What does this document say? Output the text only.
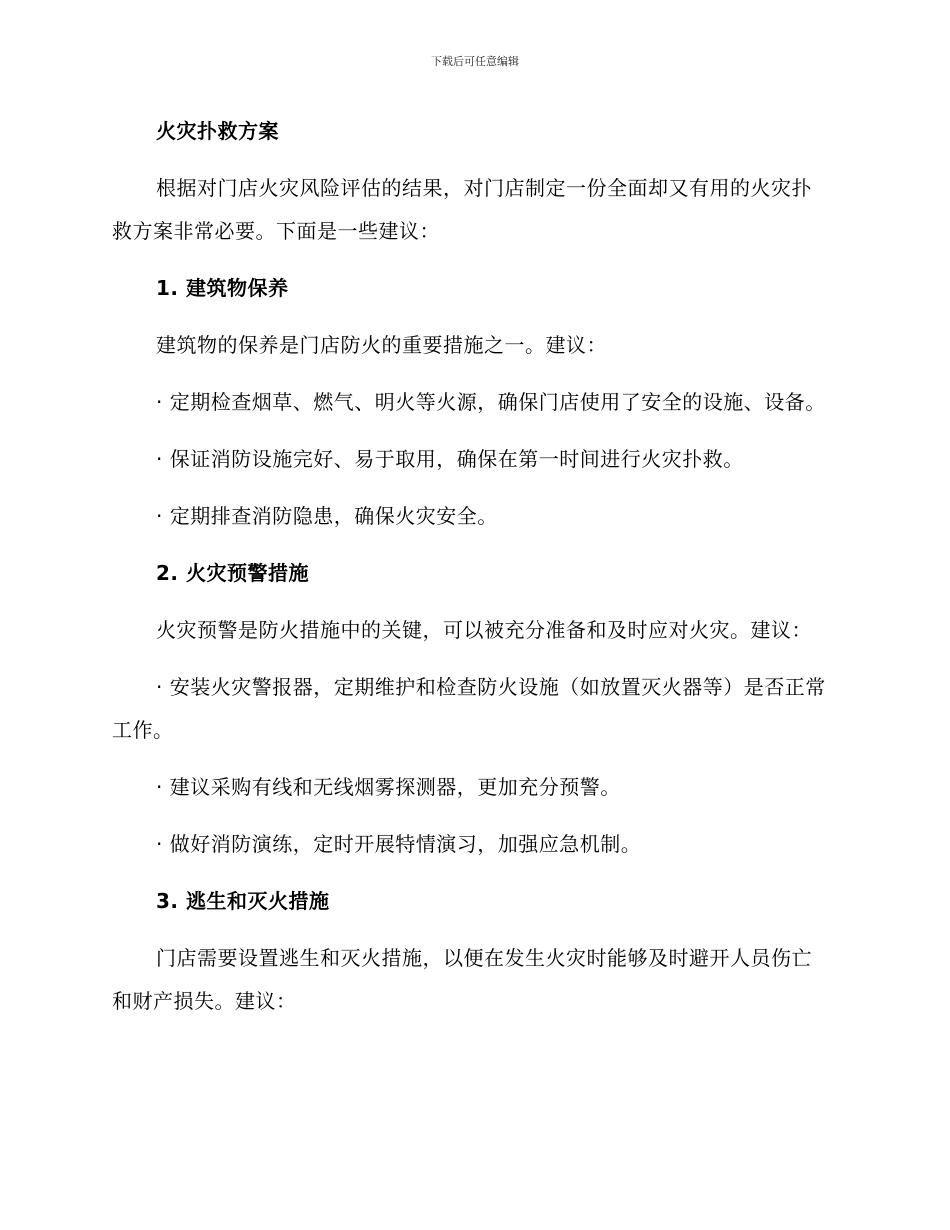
下载后可任意编辑

火灾扑救方案

根据对门店火灾风险评估的结果，对门店制定一份全面却又有用的火灾扑救方案非常必要。下面是一些建议：

1. 建筑物保养

建筑物的保养是门店防火的重要措施之一。建议：

· 定期检查烟草、燃气、明火等火源，确保门店使用了安全的设施、设备。

· 保证消防设施完好、易于取用，确保在第一时间进行火灾扑救。

· 定期排查消防隐患，确保火灾安全。

2. 火灾预警措施

火灾预警是防火措施中的关键，可以被充分准备和及时应对火灾。建议：

· 安装火灾警报器，定期维护和检查防火设施（如放置灭火器等）是否正常工作。

· 建议采购有线和无线烟雾探测器，更加充分预警。

· 做好消防演练，定时开展特情演习，加强应急机制。

3. 逃生和灭火措施

门店需要设置逃生和灭火措施，以便在发生火灾时能够及时避开人员伤亡和财产损失。建议：
